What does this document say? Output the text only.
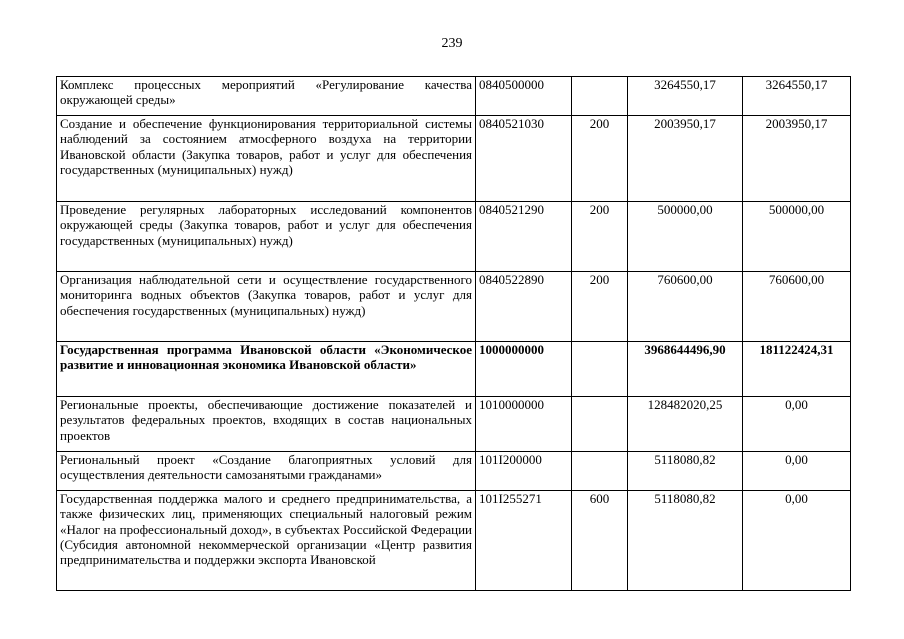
239
Комплекс процессных мероприятий «Регулирование качества окружающей среды»	0840500000		3264550,17	3264550,17
Создание и обеспечение функционирования территориальной системы наблюдений за состоянием атмосферного воздуха на территории Ивановской области (Закупка товаров, работ и услуг для обеспечения государственных (муниципальных) нужд)	0840521030	200	2003950,17	2003950,17
Проведение регулярных лабораторных исследований компонентов окружающей среды (Закупка товаров, работ и услуг для обеспечения государственных (муниципальных) нужд)	0840521290	200	500000,00	500000,00
Организация наблюдательной сети и осуществление государственного мониторинга водных объектов (Закупка товаров, работ и услуг для обеспечения государственных (муниципальных) нужд)	0840522890	200	760600,00	760600,00
Государственная программа Ивановской области «Экономическое развитие и инновационная экономика Ивановской области»	1000000000		3968644496,90	181122424,31
Региональные проекты, обеспечивающие достижение показателей и результатов федеральных проектов, входящих в состав национальных проектов	1010000000		128482020,25	0,00
Региональный проект «Создание благоприятных условий для осуществления деятельности самозанятыми гражданами»	101I200000		5118080,82	0,00
Государственная поддержка малого и среднего предпринимательства, а также физических лиц, применяющих специальный налоговый режим «Налог на профессиональный доход», в субъектах Российской Федерации (Субсидия автономной некоммерческой организации «Центр развития предпринимательства и поддержки экспорта Ивановской	101I255271	600	5118080,82	0,00
